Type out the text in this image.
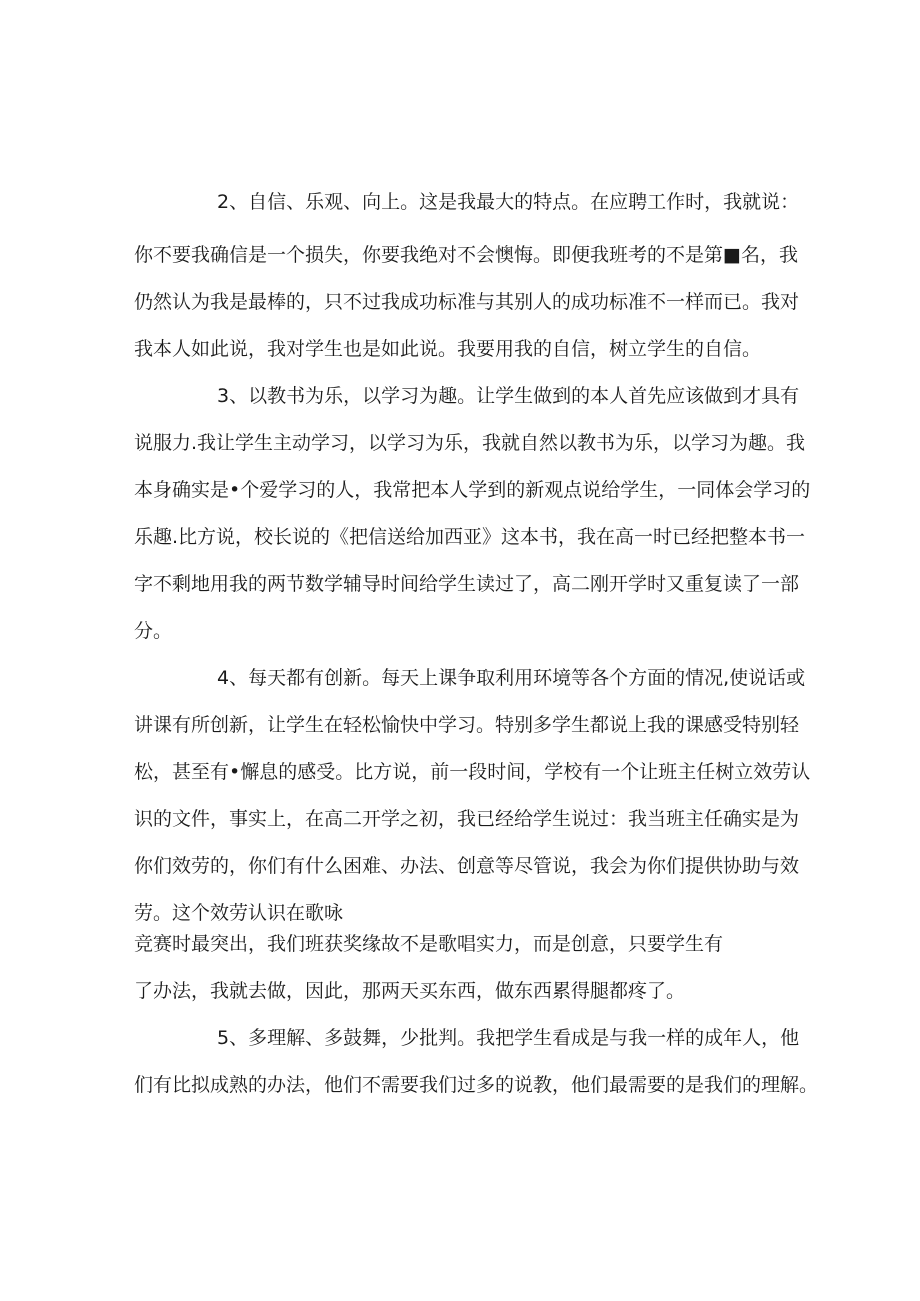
2、自信、乐观、向上。这是我最大的特点。在应聘工作时，我就说：
你不要我确信是一个损失，你要我绝对不会懊悔。即便我班考的不是第■名，我
仍然认为我是最棒的，只不过我成功标准与其别人的成功标准不一样而已。我对
我本人如此说，我对学生也是如此说。我要用我的自信，树立学生的自信。
3、以教书为乐，以学习为趣。让学生做到的本人首先应该做到才具有
说服力.我让学生主动学习，以学习为乐，我就自然以教书为乐，以学习为趣。我
本身确实是•个爱学习的人，我常把本人学到的新观点说给学生，一同体会学习的
乐趣.比方说，校长说的《把信送给加西亚》这本书，我在高一时已经把整本书一
字不剩地用我的两节数学辅导时间给学生读过了，高二刚开学时又重复读了一部
分。
4、每天都有创新。每天上课争取利用环境等各个方面的情况,使说话或
讲课有所创新，让学生在轻松愉快中学习。特别多学生都说上我的课感受特别轻
松，甚至有•懈息的感受。比方说，前一段时间，学校有一个让班主任树立效劳认
识的文件，事实上，在高二开学之初，我已经给学生说过：我当班主任确实是为
你们效劳的，你们有什么困难、办法、创意等尽管说，我会为你们提供协助与效
劳。这个效劳认识在歌咏
竞赛时最突出，我们班获奖缘故不是歌唱实力，而是创意，只要学生有
了办法，我就去做，因此，那两天买东西，做东西累得腿都疼了。
5、多理解、多鼓舞，少批判。我把学生看成是与我一样的成年人，他
们有比拟成熟的办法，他们不需要我们过多的说教，他们最需要的是我们的理解。
